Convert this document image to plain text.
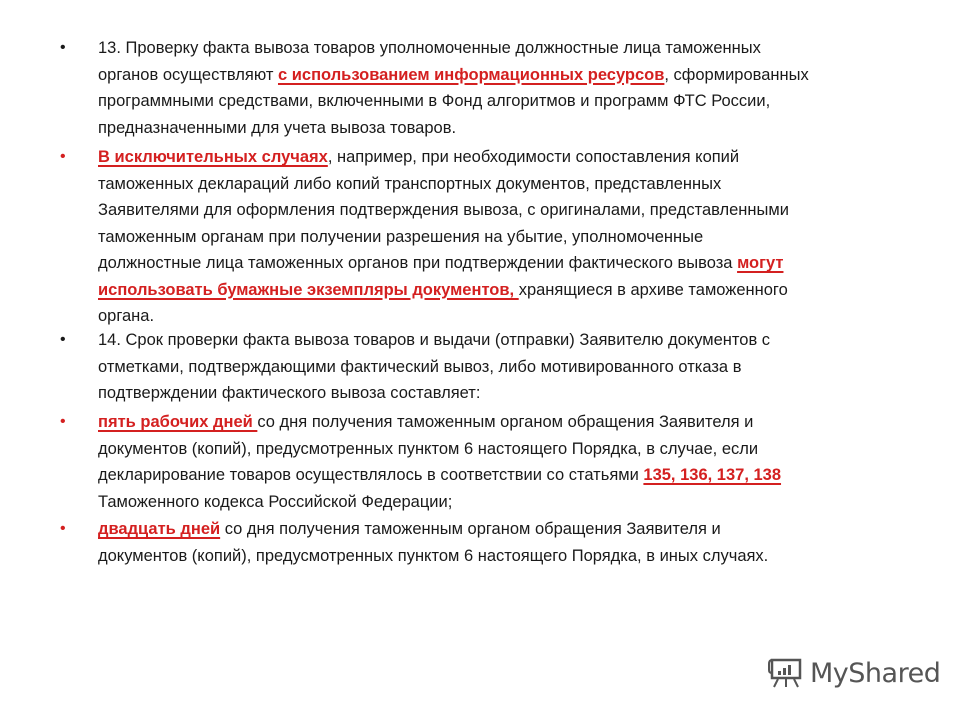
• 13. Проверку факта вывоза товаров уполномоченные должностные лица таможенных
органов осуществляют с использованием информационных ресурсов, сформированных
программными средствами, включенными в Фонд алгоритмов и программ ФТС России,
предназначенными для учета вывоза товаров.
• В исключительных случаях, например, при необходимости сопоставления копий
таможенных деклараций либо копий транспортных документов, представленных
Заявителями для оформления подтверждения вывоза, с оригиналами, представленными
таможенным органам при получении разрешения на убытие, уполномоченные
должностные лица таможенных органов при подтверждении фактического вывоза могут
использовать бумажные экземпляры документов, хранящиеся в архиве таможенного
органа.
• 14. Срок проверки факта вывоза товаров и выдачи (отправки) Заявителю документов с
отметками, подтверждающими фактический вывоз, либо мотивированного отказа в
подтверждении фактического вывоза составляет:
• пять рабочих дней со дня получения таможенным органом обращения Заявителя и
документов (копий), предусмотренных пунктом 6 настоящего Порядка, в случае, если
декларирование товаров осуществлялось в соответствии со статьями 135, 136, 137, 138
Таможенного кодекса Российской Федерации;
• двадцать дней со дня получения таможенным органом обращения Заявителя и
документов (копий), предусмотренных пунктом 6 настоящего Порядка, в иных случаях.
MyShared
